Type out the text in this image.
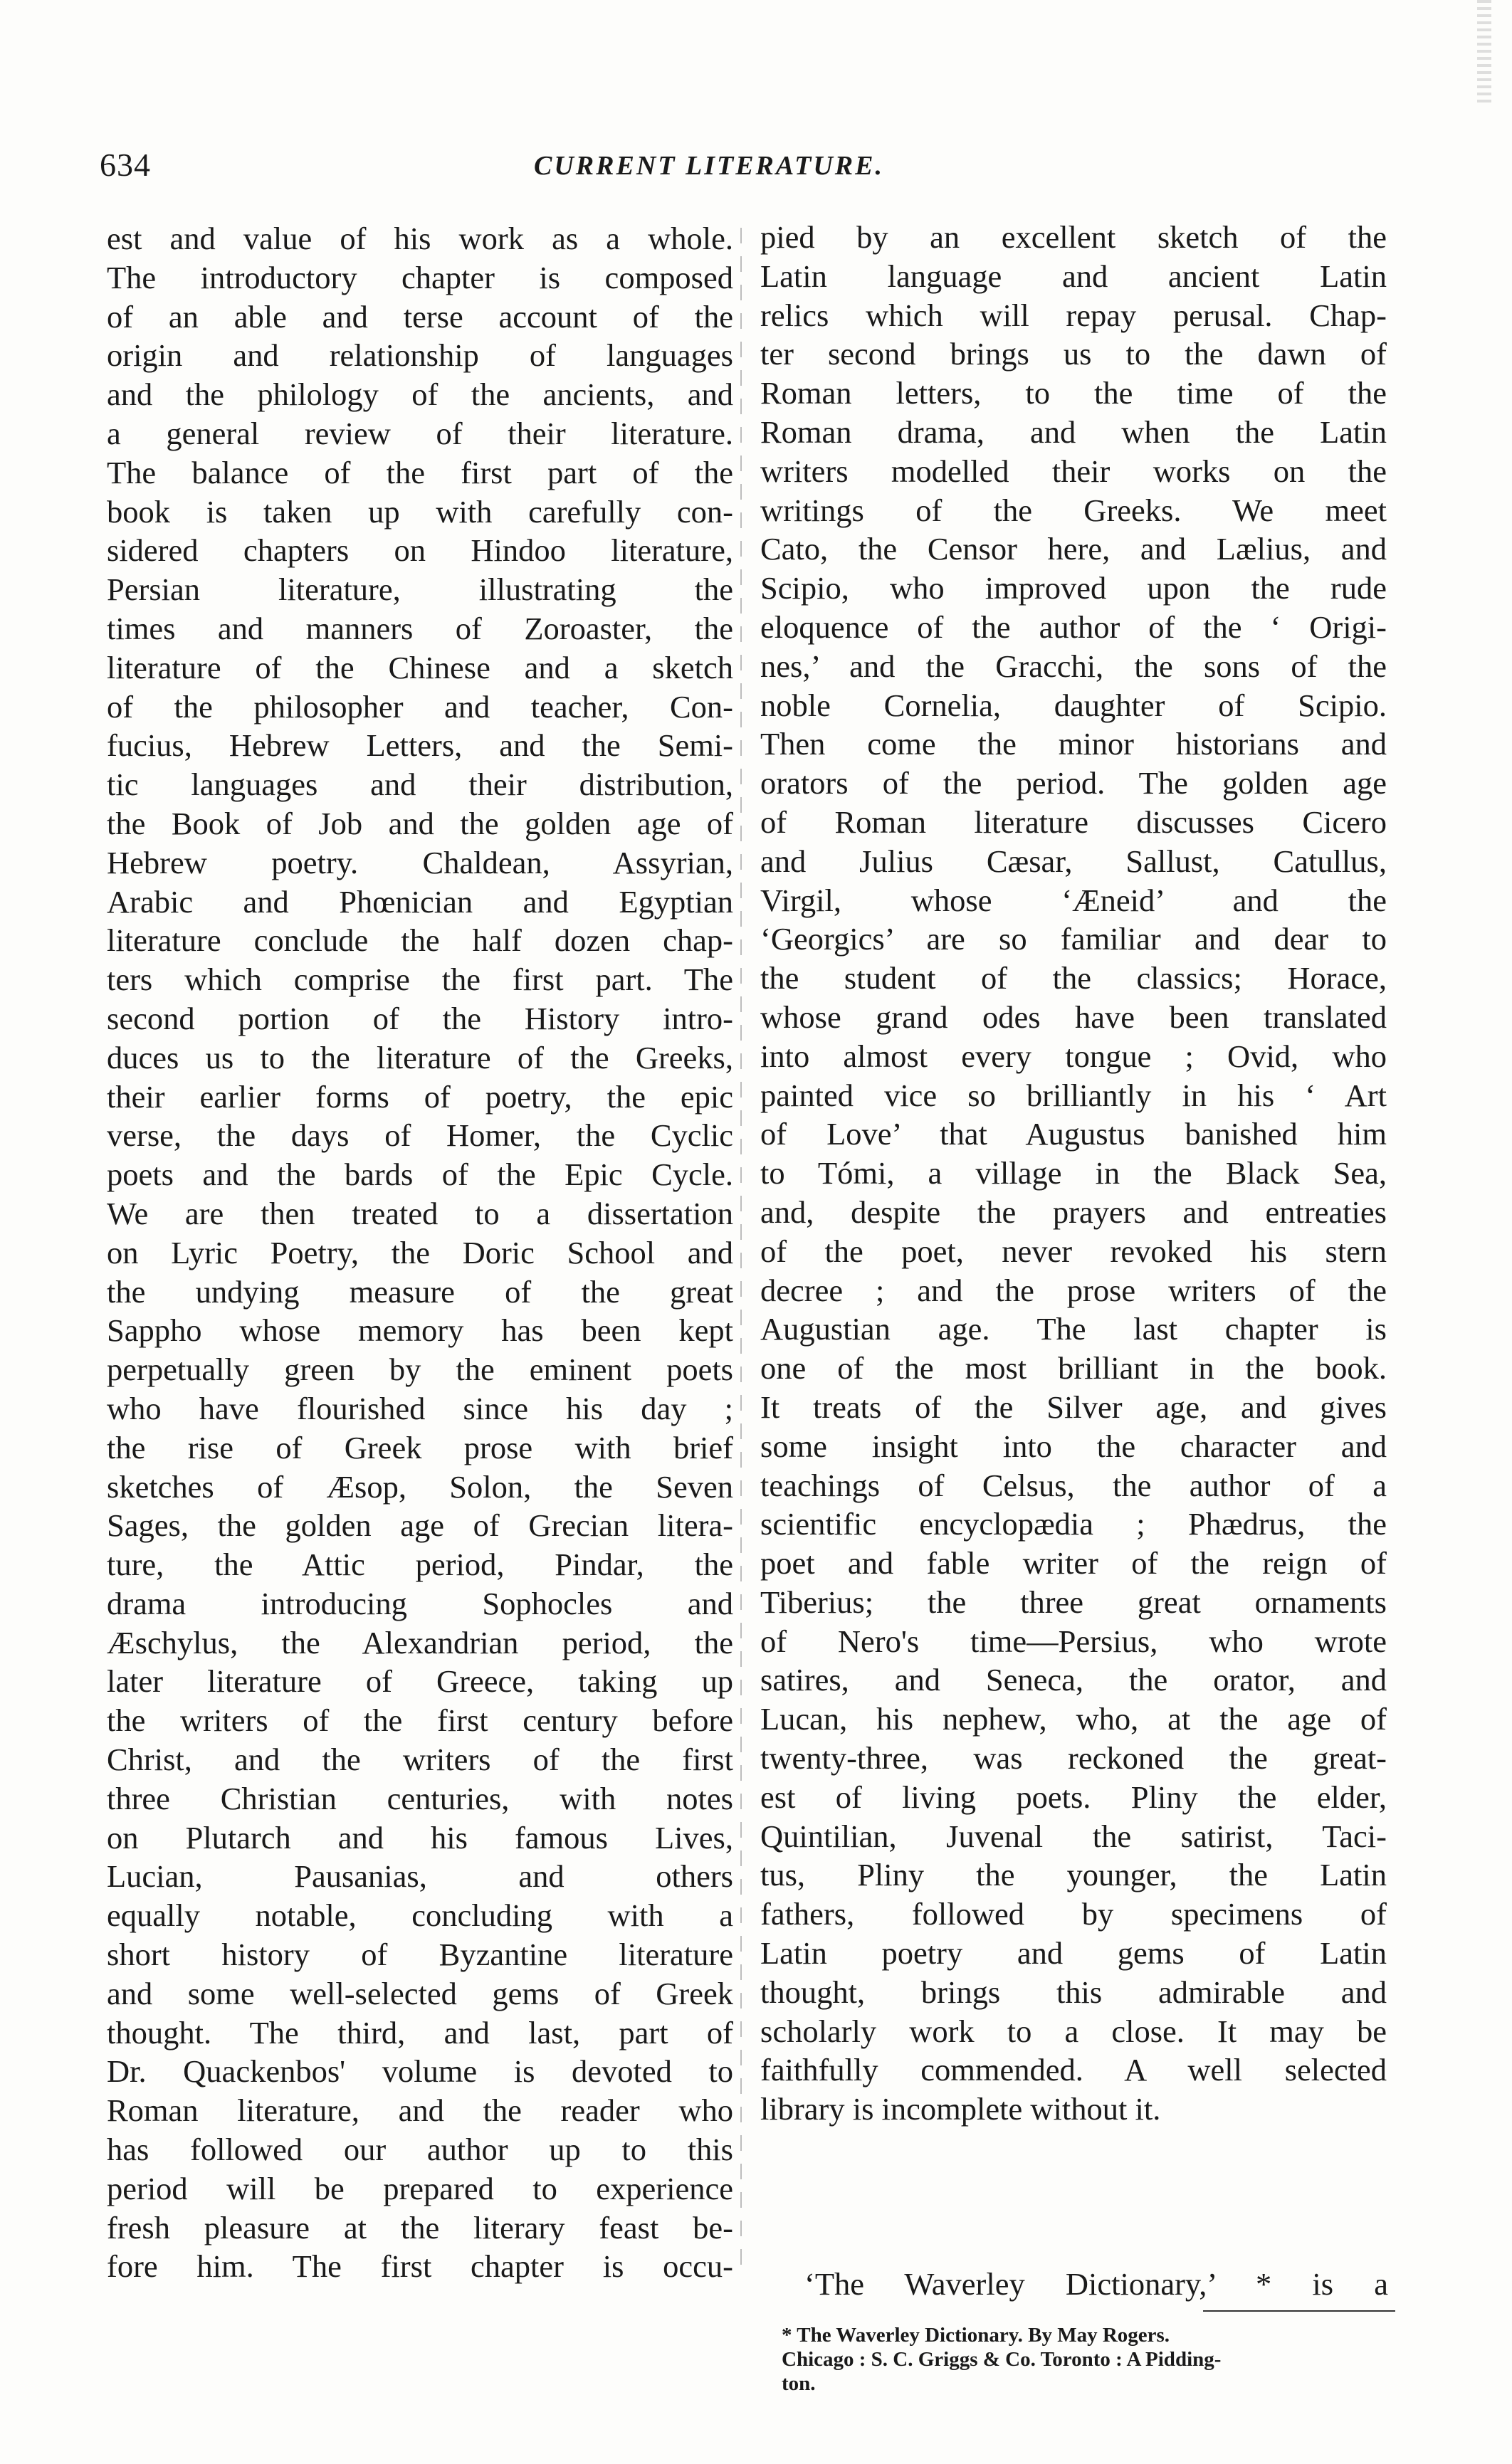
634	CURRENT LITERATURE.
est and value of his work as a whole.
The introductory chapter is composed
of an able and terse account of the
origin and relationship of languages
and the philology of the ancients, and
a general review of their literature.
The balance of the first part of the
book is taken up with carefully con-
sidered chapters on Hindoo literature,
Persian literature, illustrating the
times and manners of Zoroaster, the
literature of the Chinese and a sketch
of the philosopher and teacher, Con-
fucius, Hebrew Letters, and the Semi-
tic languages and their distribution,
the Book of Job and the golden age of
Hebrew poetry. Chaldean, Assyrian,
Arabic and Phœnician and Egyptian
literature conclude the half dozen chap-
ters which comprise the first part. The
second portion of the History intro-
duces us to the literature of the Greeks,
their earlier forms of poetry, the epic
verse, the days of Homer, the Cyclic
poets and the bards of the Epic Cycle.
We are then treated to a dissertation
on Lyric Poetry, the Doric School and
the undying measure of the great
Sappho whose memory has been kept
perpetually green by the eminent poets
who have flourished since his day ;
the rise of Greek prose with brief
sketches of Æsop, Solon, the Seven
Sages, the golden age of Grecian litera-
ture, the Attic period, Pindar, the
drama introducing Sophocles and
Æschylus, the Alexandrian period, the
later literature of Greece, taking up
the writers of the first century before
Christ, and the writers of the first
three Christian centuries, with notes
on Plutarch and his famous Lives,
Lucian, Pausanias, and others
equally notable, concluding with a
short history of Byzantine literature
and some well-selected gems of Greek
thought. The third, and last, part of
Dr. Quackenbos' volume is devoted to
Roman literature, and the reader who
has followed our author up to this
period will be prepared to experience
fresh pleasure at the literary feast be-
fore him. The first chapter is occu-
pied by an excellent sketch of the
Latin language and ancient Latin
relics which will repay perusal. Chap-
ter second brings us to the dawn of
Roman letters, to the time of the
Roman drama, and when the Latin
writers modelled their works on the
writings of the Greeks. We meet
Cato, the Censor here, and Lælius, and
Scipio, who improved upon the rude
eloquence of the author of the ‘ Origi-
nes,’ and the Gracchi, the sons of the
noble Cornelia, daughter of Scipio.
Then come the minor historians and
orators of the period. The golden age
of Roman literature discusses Cicero
and Julius Cæsar, Sallust, Catullus,
Virgil, whose ‘Æneid’ and the
‘Georgics’ are so familiar and dear to
the student of the classics; Horace,
whose grand odes have been translated
into almost every tongue ; Ovid, who
painted vice so brilliantly in his ‘ Art
of Love’ that Augustus banished him
to Tómi, a village in the Black Sea,
and, despite the prayers and entreaties
of the poet, never revoked his stern
decree ; and the prose writers of the
Augustian age. The last chapter is
one of the most brilliant in the book.
It treats of the Silver age, and gives
some insight into the character and
teachings of Celsus, the author of a
scientific encyclopædia ; Phædrus, the
poet and fable writer of the reign of
Tiberius; the three great ornaments
of Nero's time—Persius, who wrote
satires, and Seneca, the orator, and
Lucan, his nephew, who, at the age of
twenty-three, was reckoned the great-
est of living poets. Pliny the elder,
Quintilian, Juvenal the satirist, Taci-
tus, Pliny the younger, the Latin
fathers, followed by specimens of
Latin poetry and gems of Latin
thought, brings this admirable and
scholarly work to a close. It may be
faithfully commended. A well selected
library is incomplete without it.
‘The Waverley Dictionary,’ * is a
* The Waverley Dictionary. By May Rogers.
Chicago : S. C. Griggs & Co. Toronto : A Pidding-
ton.
